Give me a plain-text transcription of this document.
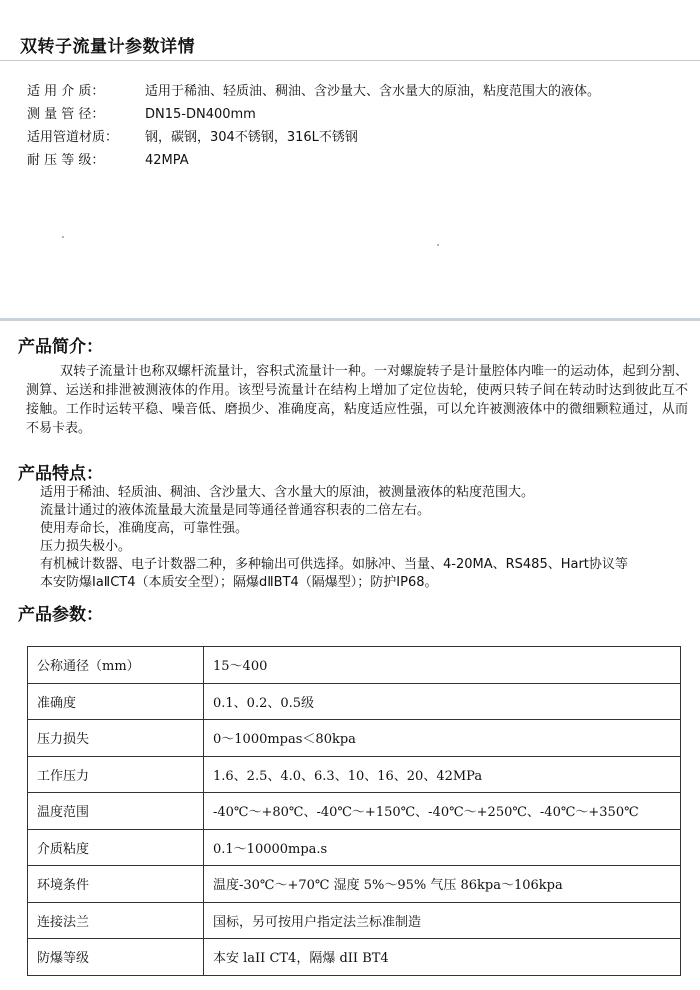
双转子流量计参数详情
适 用 介 质：	适用于稀油、轻质油、稠油、含沙量大、含水量大的原油，粘度范围大的液体。
测 量 管 径：	DN15-DN400mm
适用管道材质： 钢，碳钢，304不锈钢，316L不锈钢
耐 压 等 级：	42MPA
产品简介：
双转子流量计也称双螺杆流量计，容积式流量计一种。一对螺旋转子是计量腔体内唯一的运动体，起到分割、测算、运送和排泄被测液体的作用。该型号流量计在结构上增加了定位齿轮，使两只转子间在转动时达到彼此互不接触。工作时运转平稳、噪音低、磨损少、准确度高，粘度适应性强，可以允许被测液体中的微细颗粒通过，从而不易卡表。
产品特点：
适用于稀油、轻质油、稠油、含沙量大、含水量大的原油，被测量液体的粘度范围大。
流量计通过的液体流量最大流量是同等通径普通容积表的二倍左右。
使用寿命长，准确度高，可靠性强。
压力损失极小。
有机械计数器、电子计数器二种，多种输出可供选择。如脉冲、当量、4-20MA、RS485、Hart协议等
本安防爆IaⅡCT4（本质安全型）；隔爆dⅡBT4（隔爆型）；防护IP68。
产品参数：
公称通径（mm）	15～400
准确度	0.1、0.2、0.5级
压力损失	0～1000mpas＜80kpa
工作压力	1.6、2.5、4.0、6.3、10、16、20、42MPa
温度范围	-40℃～+80℃、-40℃～+150℃、-40℃～+250℃、-40℃～+350℃
介质粘度	0.1～10000mpa.s
环境条件	温度-30℃～+70℃ 湿度 5%～95% 气压 86kpa～106kpa
连接法兰	国标，另可按用户指定法兰标准制造
防爆等级	本安 laII CT4，隔爆 dII BT4
